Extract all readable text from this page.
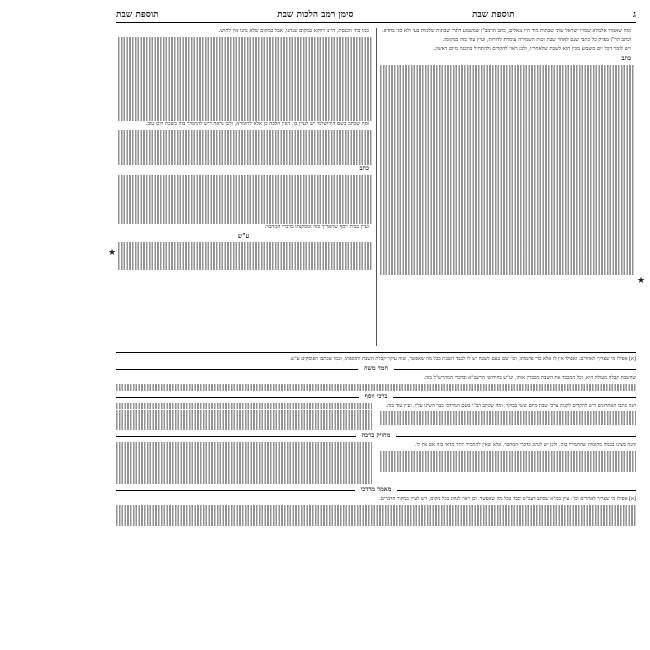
ג
תוספת שבת
סימן רמב הלכות שבת
תוספת שבת

ומה שאמרו אלמלא שמרו ישראל שתי שבתות מיד היו נגאלים, כתב הרמב"ן שמשמע דתרי שבתות שלמות בעי ולא סגי בחדא.

וכתב הר"ן בפרק כל כתבי שגם לאחר שבת זכות השמירה עומדת לדורות, ועיין עוד בזה במקומו.

ויש לומר דכל יום משבוע מכין הוא לשבת שלאחריו, ולכן ראוי להקדים ולהתחיל בהכנה מיום ראשון.

כתב

כמו בתי הכנסת, היינו דווקא במקום שנהגו, אבל במקום שלא נהגו אין לחוש.

ומה שכתב בשם הירושלמי יש לעיין בו, דאין הלכה כן אלא לחומרא, ולכן נראה דיש להחמיר בזה בשבת ויום טוב.

כתב

ועיין בבית יוסף שהאריך בזה ומסקנתו כדברי המחבר.

ע"ש

★
★

[א] אפילו מי שצריך לאחרים. ואפילו אין לו אלא כדי פרנסתו, וכו' שם טעם לשבח יש לו לכבד השבת בכל מה שאפשר, שזה עיקר קבלת השבת ותוספתו, וכמו שכתבו הפוסקים ע"ש.

חמד משה

שהשבת קבלה מעולה היא, וכל המכבד את השבת מכבדין אותו, וע"ש בחידושי הרשב"א ובדברי המהרש"ל בזה.

ברכי יוסף

הנה כתבו האחרונים דיש להקדים לקנות צרכי שבת מיום ששי בבוקר, ומה שכתב הב"י בשם המרדכי כבר השיגו עליו, ועיין עוד בזה.

מחזיק ברכה

והנה מצינו בכמה מקומות שהחמירו בזה, ולכן יש לנהוג כדברי המחבר, אלא שאין להחמיר יותר מדאי בזה אם אין לו.

מאמר מרדכי

[א] אפילו מי שצריך לאחרים וכו'. עיין במ"א שכתב דעכ"פ יכבד בכל מה שאפשר, וכן ראוי לנהוג בכל מקום, ויש לעיין במקור הדברים.
